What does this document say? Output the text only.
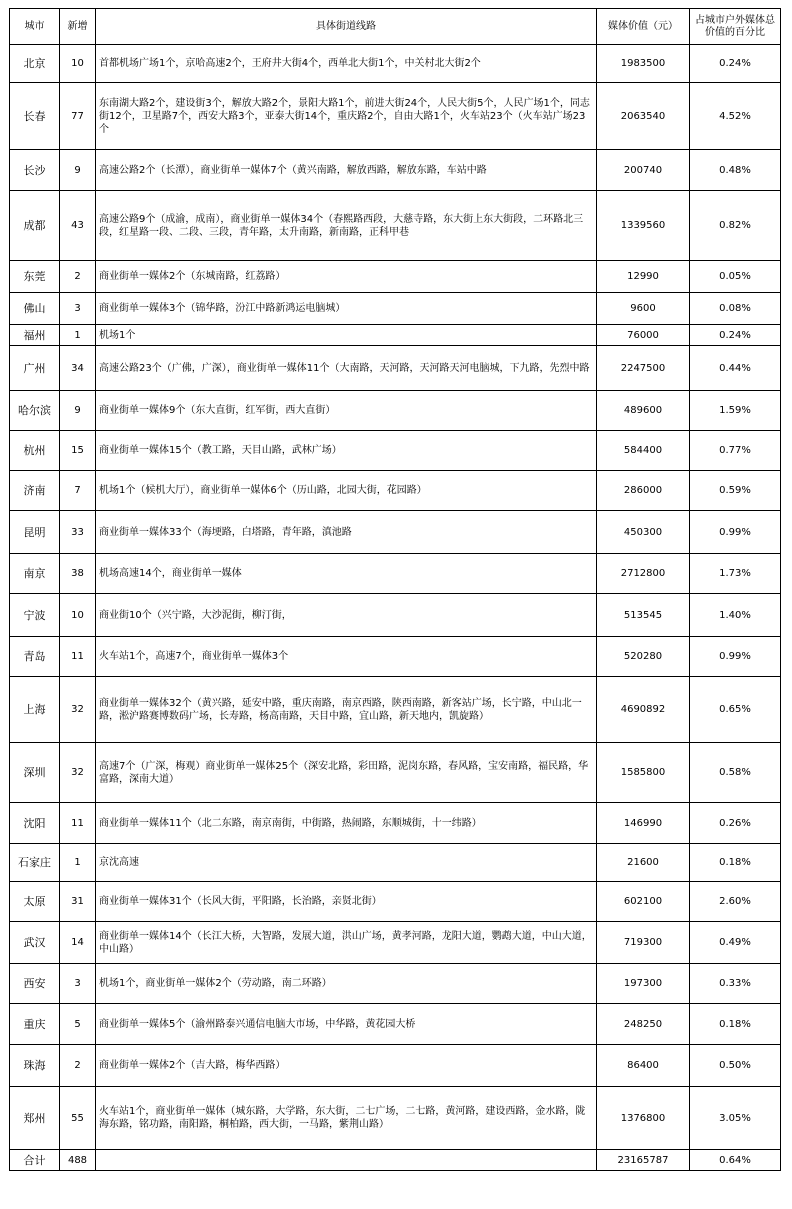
城市	新增	具体街道线路	媒体价值（元）	占城市户外媒体总价值的百分比
北京	10	首都机场广场1个，京哈高速2个，王府井大街4个，西单北大街1个，中关村北大街2个	1983500	0.24%
长春	77	东南湖大路2个，建设街3个，解放大路2个，景阳大路1个，前进大街24个，人民大街5个，人民广场1个，同志街12个，卫星路7个，西安大路3个，亚泰大街14个，重庆路2个，自由大路1个，火车站23个（火车站广场23个	2063540	4.52%
长沙	9	高速公路2个（长潭），商业街单一媒体7个（黄兴南路，解放西路，解放东路，车站中路	200740	0.48%
成都	43	高速公路9个（成渝，成南），商业街单一媒体34个（春熙路西段，大慈寺路，东大街上东大街段，二环路北三段，红星路一段、二段、三段，青年路，太升南路，新南路，正科甲巷	1339560	0.82%
东莞	2	商业街单一媒体2个（东城南路，红荔路）	12990	0.05%
佛山	3	商业街单一媒体3个（锦华路，汾江中路新鸿运电脑城）	9600	0.08%
福州	1	机场1个	76000	0.24%
广州	34	高速公路23个（广佛，广深），商业街单一媒体11个（大南路，天河路，天河路天河电脑城，下九路，先烈中路	2247500	0.44%
哈尔滨	9	商业街单一媒体9个（东大直街，红军街，西大直街）	489600	1.59%
杭州	15	商业街单一媒体15个（教工路，天目山路，武林广场）	584400	0.77%
济南	7	机场1个（候机大厅），商业街单一媒体6个（历山路，北园大街，花园路）	286000	0.59%
昆明	33	商业街单一媒体33个（海埂路，白塔路，青年路，滇池路	450300	0.99%
南京	38	机场高速14个，商业街单一媒体	2712800	1.73%
宁波	10	商业街10个（兴宁路，大沙泥街，柳汀街，	513545	1.40%
青岛	11	火车站1个，高速7个，商业街单一媒体3个	520280	0.99%
上海	32	商业街单一媒体32个（黄兴路，延安中路，重庆南路，南京西路，陕西南路，新客站广场，长宁路，中山北一路，淞沪路赛博数码广场，长寿路，杨高南路，天目中路，宜山路，新天地内，凯旋路）	4690892	0.65%
深圳	32	高速7个（广深，梅观）商业街单一媒体25个（深安北路，彩田路，泥岗东路，春风路，宝安南路，福民路，华富路，深南大道）	1585800	0.58%
沈阳	11	商业街单一媒体11个（北二东路，南京南街，中街路，热闹路，东顺城街，十一纬路）	146990	0.26%
石家庄	1	京沈高速	21600	0.18%
太原	31	商业街单一媒体31个（长风大街，平阳路，长治路，亲贤北街）	602100	2.60%
武汉	14	商业街单一媒体14个（长江大桥，大智路，发展大道，洪山广场，黄孝河路，龙阳大道，鹦鹉大道，中山大道，中山路）	719300	0.49%
西安	3	机场1个，商业街单一媒体2个（劳动路，南二环路）	197300	0.33%
重庆	5	商业街单一媒体5个（渝州路泰兴通信电脑大市场，中华路，黄花园大桥	248250	0.18%
珠海	2	商业街单一媒体2个（吉大路，梅华西路）	86400	0.50%
郑州	55	火车站1个，商业街单一媒体（城东路，大学路，东大街，二七广场，二七路，黄河路，建设西路，金水路，陇海东路，铭功路，南阳路，桐柏路，西大街，一马路，紫荆山路）	1376800	3.05%
合计	488		23165787	0.64%
